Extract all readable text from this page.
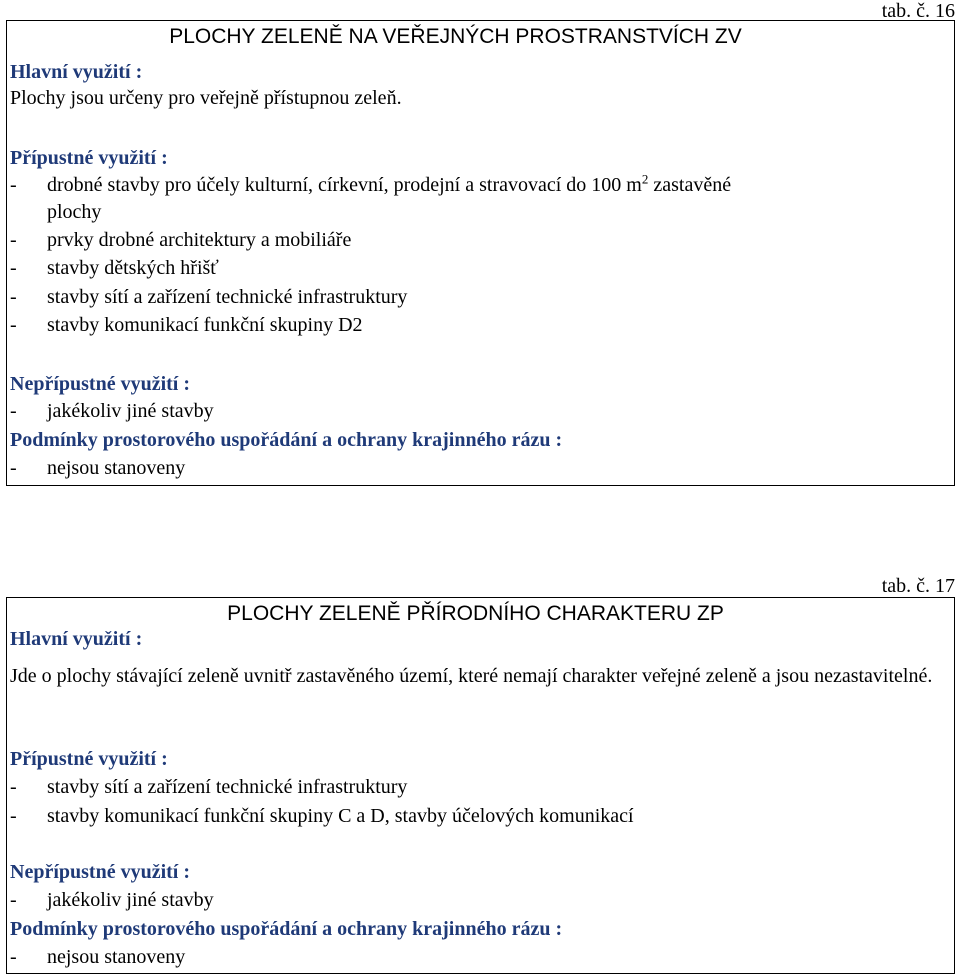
tab. č. 16
PLOCHY ZELENĚ NA VEŘEJNÝCH PROSTRANSTVÍCH ZV
Hlavní využití :
Plochy jsou určeny pro veřejně přístupnou zeleň.
Přípustné využití :
-	drobné stavby pro účely kulturní, církevní, prodejní a stravovací do 100 $m^2$ zastavěné
plochy
-	prvky drobné architektury a mobiliáře
-	stavby dětských hřišť
-	stavby sítí a zařízení technické infrastruktury
-	stavby komunikací funkční skupiny D2
Nepřípustné využití :
-	jakékoliv jiné stavby
Podmínky prostorového uspořádání a ochrany krajinného rázu :
-	nejsou stanoveny
tab. č. 17
PLOCHY ZELENĚ PŘÍRODNÍHO CHARAKTERU ZP
Hlavní využití :
Jde o plochy stávající zeleně uvnitř zastavěného území, které nemají charakter veřejné zeleně a jsou nezastavitelné.
Přípustné využití :
-	stavby sítí a zařízení technické infrastruktury
-	stavby komunikací funkční skupiny C a D, stavby účelových komunikací
Nepřípustné využití :
-	jakékoliv jiné stavby
Podmínky prostorového uspořádání a ochrany krajinného rázu :
-	nejsou stanoveny
